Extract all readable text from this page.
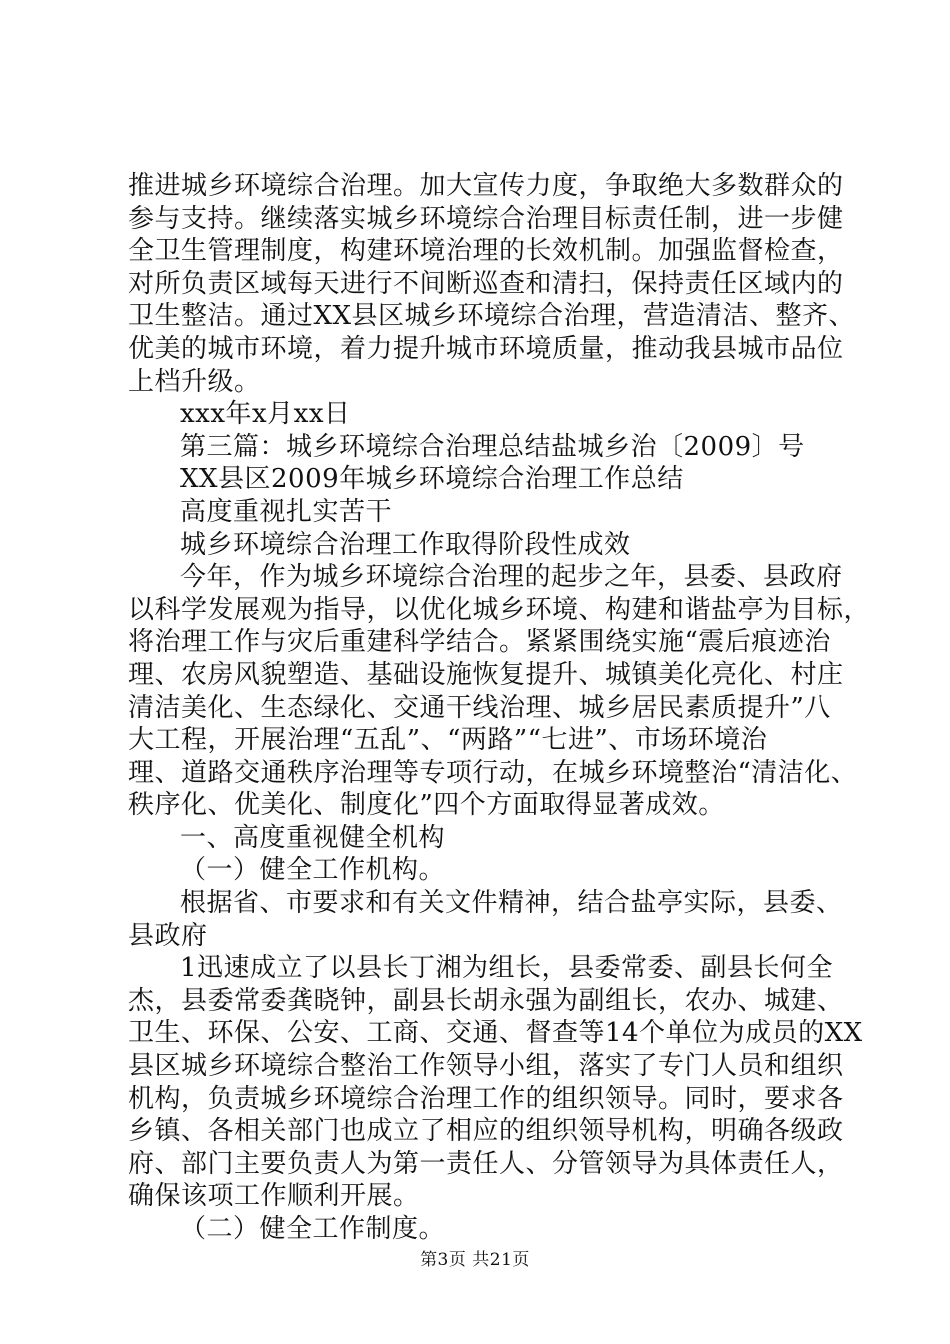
推进城乡环境综合治理。加大宣传力度，争取绝大多数群众的
参与支持。继续落实城乡环境综合治理目标责任制，进一步健
全卫生管理制度，构建环境治理的长效机制。加强监督检查，
对所负责区域每天进行不间断巡查和清扫，保持责任区域内的
卫生整洁。通过XX县区城乡环境综合治理，营造清洁、整齐、
优美的城市环境，着力提升城市环境质量，推动我县城市品位
上档升级。
xxx年x月xx日
第三篇：城乡环境综合治理总结盐城乡治〔2009〕号
XX县区2009年城乡环境综合治理工作总结
高度重视扎实苦干
城乡环境综合治理工作取得阶段性成效
今年，作为城乡环境综合治理的起步之年，县委、县政府
以科学发展观为指导，以优化城乡环境、构建和谐盐亭为目标，
将治理工作与灾后重建科学结合。紧紧围绕实施“震后痕迹治
理、农房风貌塑造、基础设施恢复提升、城镇美化亮化、村庄
清洁美化、生态绿化、交通干线治理、城乡居民素质提升”八
大工程，开展治理“五乱”、“两路”“七进”、市场环境治
理、道路交通秩序治理等专项行动，在城乡环境整治“清洁化、
秩序化、优美化、制度化”四个方面取得显著成效。
一、高度重视健全机构
（一）健全工作机构。
根据省、市要求和有关文件精神，结合盐亭实际，县委、
县政府
1迅速成立了以县长丁湘为组长，县委常委、副县长何全
杰，县委常委龚晓钟，副县长胡永强为副组长，农办、城建、
卫生、环保、公安、工商、交通、督查等14个单位为成员的XX
县区城乡环境综合整治工作领导小组，落实了专门人员和组织
机构，负责城乡环境综合治理工作的组织领导。同时，要求各
乡镇、各相关部门也成立了相应的组织领导机构，明确各级政
府、部门主要负责人为第一责任人、分管领导为具体责任人，
确保该项工作顺利开展。
（二）健全工作制度。
第3页 共21页
